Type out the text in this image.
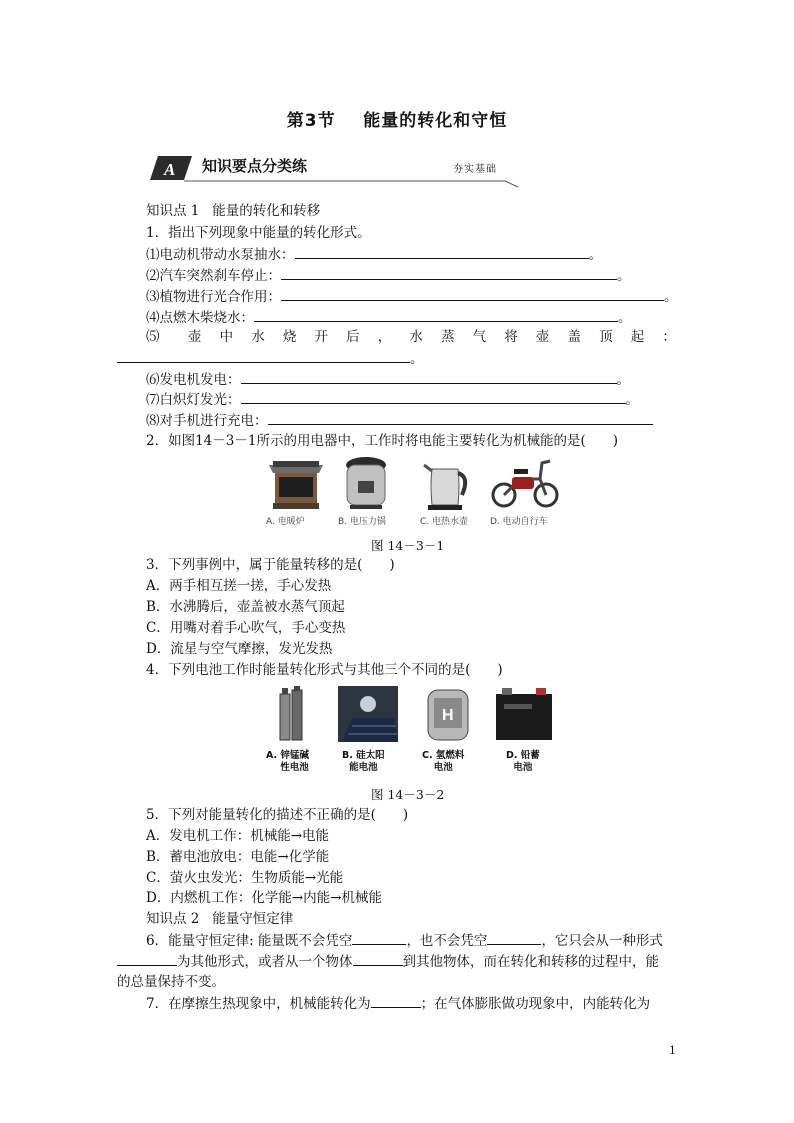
第3节 能量的转化和守恒
A 知识要点分类练	夯实基础
知识点 1 能量的转化和转移
1．指出下列现象中能量的转化形式。
⑴电动机带动水泵抽水：	。
⑵汽车突然刹车停止：	。
⑶植物进行光合作用：	。
⑷点燃木柴烧水：	。
⑸	壶 中 水 烧 开 后 ， 水 蒸 气 将 壶 盖 顶 起 ：
。
⑹发电机发电：	。
⑺白炽灯发光：	。
⑻对手机进行充电：
2．如图14－3－1所示的用电器中，工作时将电能主要转化为机械能的是(　　)
A. 电暖炉	B. 电压力锅	C. 电热水壶 D. 电动自行车
图 14－3－1
3．下列事例中，属于能量转移的是(　　)
A．两手相互搓一搓，手心发热
B．水沸腾后，壶盖被水蒸气顶起
C．用嘴对着手心吹气，手心变热
D．流星与空气摩擦，发光发热
4．下列电池工作时能量转化形式与其他三个不同的是(　　)
A. 锌锰碱
性电池
B. 硅太阳
能电池
H
C. 氢燃料
电池
D. 铅蓄
电池
图 14－3－2
5．下列对能量转化的描述不正确的是(　　)
A．发电机工作：机械能→电能
B．蓄电池放电：电能→化学能
C．萤火虫发光：生物质能→光能
D．内燃机工作：化学能→内能→机械能
知识点 2 能量守恒定律
6．能量守恒定律: 能量既不会凭空	，也不会凭空	，它只会从一种形式
为其他形式，或者从一个物体	到其他物体，而在转化和转移的过程中，能
的总量保持不变。
7．在摩擦生热现象中，机械能转化为	；在气体膨胀做功现象中，内能转化为
1
